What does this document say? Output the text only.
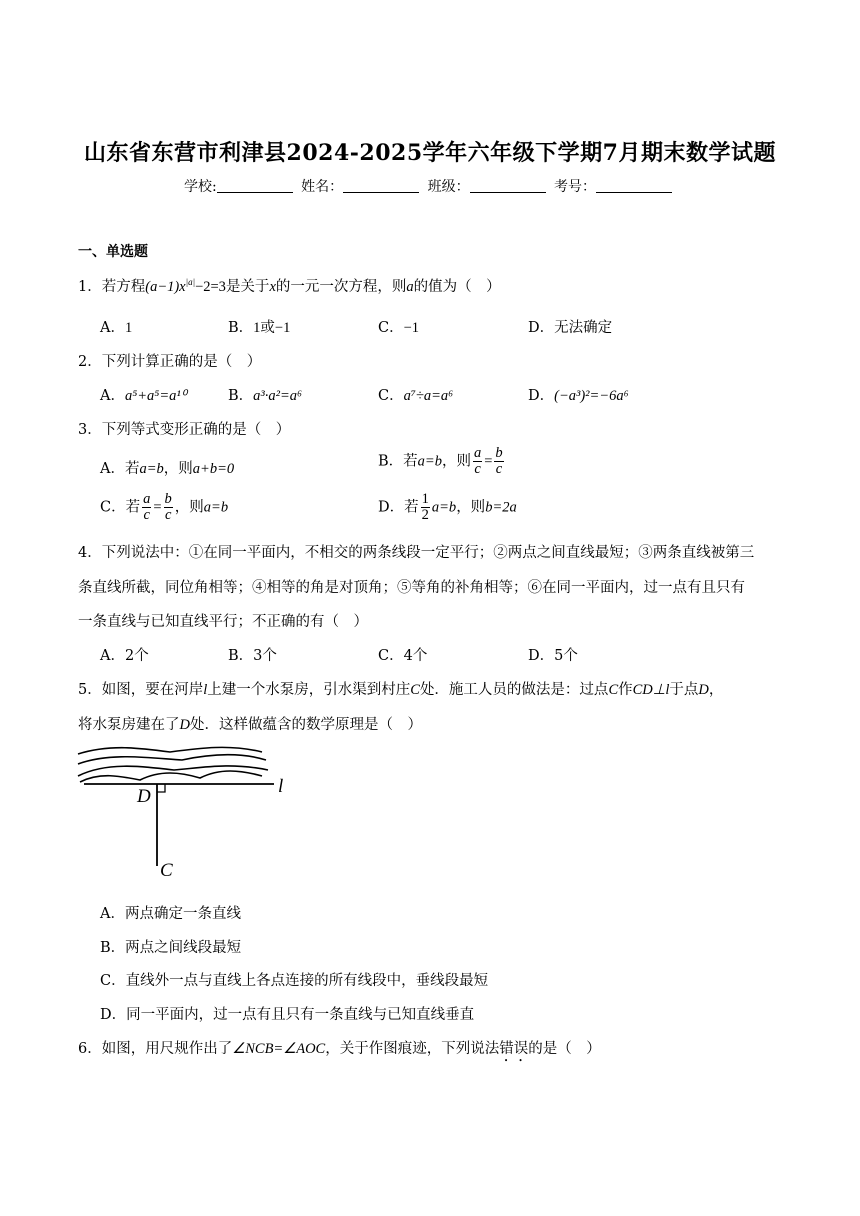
山东省东营市利津县2024-2025学年六年级下学期7月期末数学试题
学校:	姓名：	班级：	考号：
一、单选题
1．若方程$(a-1)x^{|a|}-2=3$是关于x的一元一次方程，则a的值为（　）
A．1	B．1或−1	C．−1	D．无法确定
2．下列计算正确的是（　）
A．a⁵+a⁵=a¹⁰	B．a³·a²=a⁶	C．a⁷÷a=a⁶	D．(−a³)²=−6a⁶
3．下列等式变形正确的是（　）
A．若a=b，则a+b=0	B．若a=b，则 $\frac{a}{c} = \frac{b}{c}$
C．若 $\frac{a}{c} = \frac{b}{c}$ ，则a=b	D．若 $\frac{1}{2} a=b$，则b=2a
4．下列说法中：①在同一平面内，不相交的两条线段一定平行；②两点之间直线最短；③两条直线被第三
条直线所截，同位角相等；④相等的角是对顶角；⑤等角的补角相等；⑥在同一平面内，过一点有且只有
一条直线与已知直线平行；不正确的有（　）
A．2个	B．3个	C．4个	D．5个
5．如图，要在河岸l上建一个水泵房，引水渠到村庄C处．施工人员的做法是：过点C作CD⊥l于点D，
将水泵房建在了D处．这样做蕴含的数学原理是（　）
D	l
C
A．两点确定一条直线
B．两点之间线段最短
C．直线外一点与直线上各点连接的所有线段中，垂线段最短
D．同一平面内，过一点有且只有一条直线与已知直线垂直
6．如图，用尺规作出了∠NCB=∠AOC，关于作图痕迹，下列说法错误的是（　）
